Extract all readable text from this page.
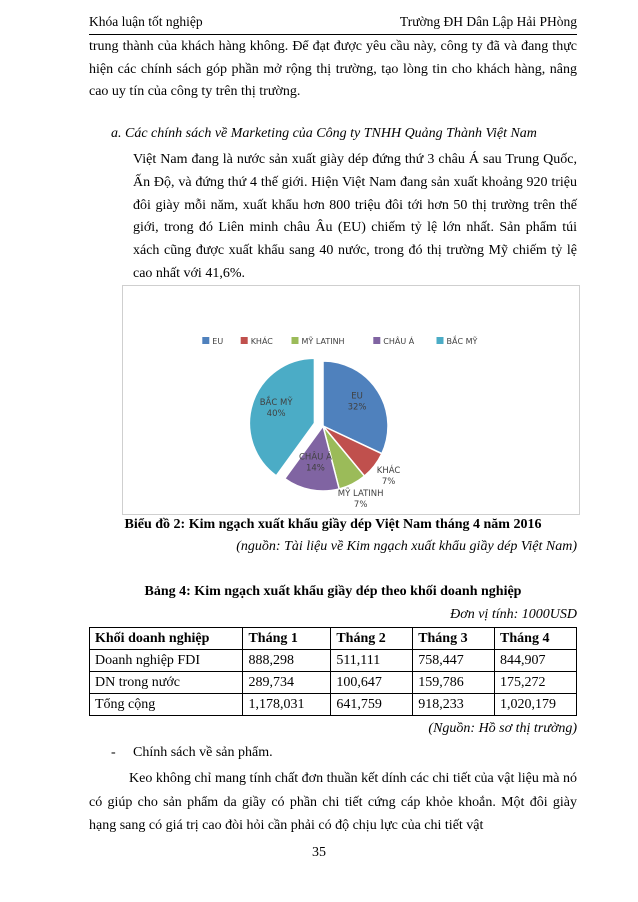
Khóa luận tốt nghiệp	Trường ĐH Dân Lập Hải PHòng
trung thành của khách hàng không. Để đạt được yêu cầu này, công ty đã và đang thực hiện các chính sách góp phần mở rộng thị trường, tạo lòng tin cho khách hàng, nâng cao uy tín của công ty trên thị trường.
a. Các chính sách về Marketing của Công ty TNHH Quảng Thành Việt Nam
Việt Nam đang là nước sản xuất giày dép đứng thứ 3 châu Á sau Trung Quốc, Ấn Độ, và đứng thứ 4 thế giới. Hiện Việt Nam đang sản xuất khoảng 920 triệu đôi giày mỗi năm, xuất khẩu hơn 800 triệu đôi tới hơn 50 thị trường trên thế giới, trong đó Liên minh châu Âu (EU) chiếm tỷ lệ lớn nhất. Sản phẩm túi xách cũng được xuất khẩu sang 40 nước, trong đó thị trường Mỹ chiếm tỷ lệ cao nhất với 41,6%.
EU	KHÁC	MỸ LATINH	CHÂU Á	BẮC MỸ
EU
32%
KHÁC
7%
MỸ LATINH
7%
CHÂU Á
14%
BẮC MỸ
40%
Biểu đồ 2: Kim ngạch xuất khẩu giầy dép Việt Nam tháng 4 năm 2016
(nguồn: Tài liệu về Kim ngạch xuất khẩu giầy dép Việt Nam)
Bảng 4: Kim ngạch xuất khẩu giầy dép theo khối doanh nghiệp
Đơn vị tính: 1000USD
Khối doanh nghiệp	Tháng 1	Tháng 2	Tháng 3	Tháng 4
Doanh nghiệp FDI	888,298	511,111	758,447	844,907
DN trong nước	289,734	100,647	159,786	175,272
Tổng cộng	1,178,031	641,759	918,233	1,020,179
(Nguồn: Hồ sơ thị trường)
- Chính sách về sản phẩm.
Keo không chỉ mang tính chất đơn thuần kết dính các chi tiết của vật liệu mà nó có giúp cho sản phẩm da giầy có phần chi tiết cứng cáp khỏe khoắn. Một đôi giày hạng sang có giá trị cao đòi hỏi cần phải có độ chịu lực của chi tiết vật
35
